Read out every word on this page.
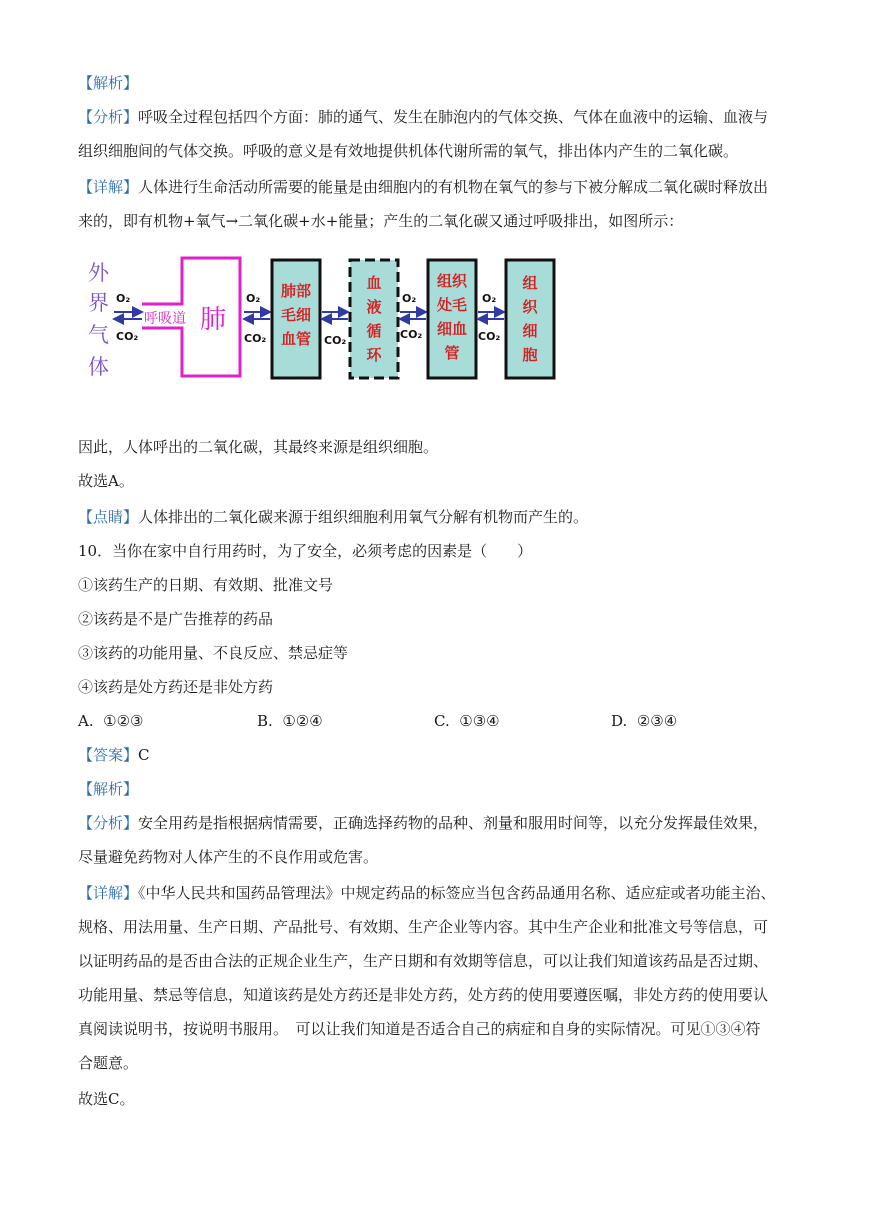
【解析】
【分析】呼吸全过程包括四个方面：肺的通气、发生在肺泡内的气体交换、气体在血液中的运输、血液与
组织细胞间的气体交换。呼吸的意义是有效地提供机体代谢所需的氧气，排出体内产生的二氧化碳。
【详解】人体进行生命活动所需要的能量是由细胞内的有机物在氧气的参与下被分解成二氧化碳时释放出
来的，即有机物+氧气→二氧化碳+水+能量；产生的二氧化碳又通过呼吸排出，如图所示：
外
界
气
体
O₂
CO₂
呼吸道 肺
O₂
CO₂
肺部
毛细
血管 CO₂
血
液
循
环
O₂
CO₂
组织
处毛
细血
管
O₂
CO₂
组
织
细
胞
因此，人体呼出的二氧化碳，其最终来源是组织细胞。
故选A。
【点睛】人体排出的二氧化碳来源于组织细胞利用氧气分解有机物而产生的。
10．当你在家中自行用药时，为了安全，必须考虑的因素是（　　）
①该药生产的日期、有效期、批准文号
②该药是不是广告推荐的药品
③该药的功能用量、不良反应、禁忌症等
④该药是处方药还是非处方药
A. ①②③	B. ①②④	C. ①③④	D. ②③④
【答案】C
【解析】
【分析】安全用药是指根据病情需要，正确选择药物的品种、剂量和服用时间等，以充分发挥最佳效果，
尽量避免药物对人体产生的不良作用或危害。
【详解】《中华人民共和国药品管理法》中规定药品的标签应当包含药品通用名称、适应症或者功能主治、
规格、用法用量、生产日期、产品批号、有效期、生产企业等内容。其中生产企业和批准文号等信息，可
以证明药品的是否由合法的正规企业生产，生产日期和有效期等信息，可以让我们知道该药品是否过期、
功能用量、禁忌等信息，知道该药是处方药还是非处方药，处方药的使用要遵医嘱，非处方药的使用要认
真阅读说明书，按说明书服用。　可以让我们知道是否适合自己的病症和自身的实际情况。可见①③④符
合题意。
故选C。
